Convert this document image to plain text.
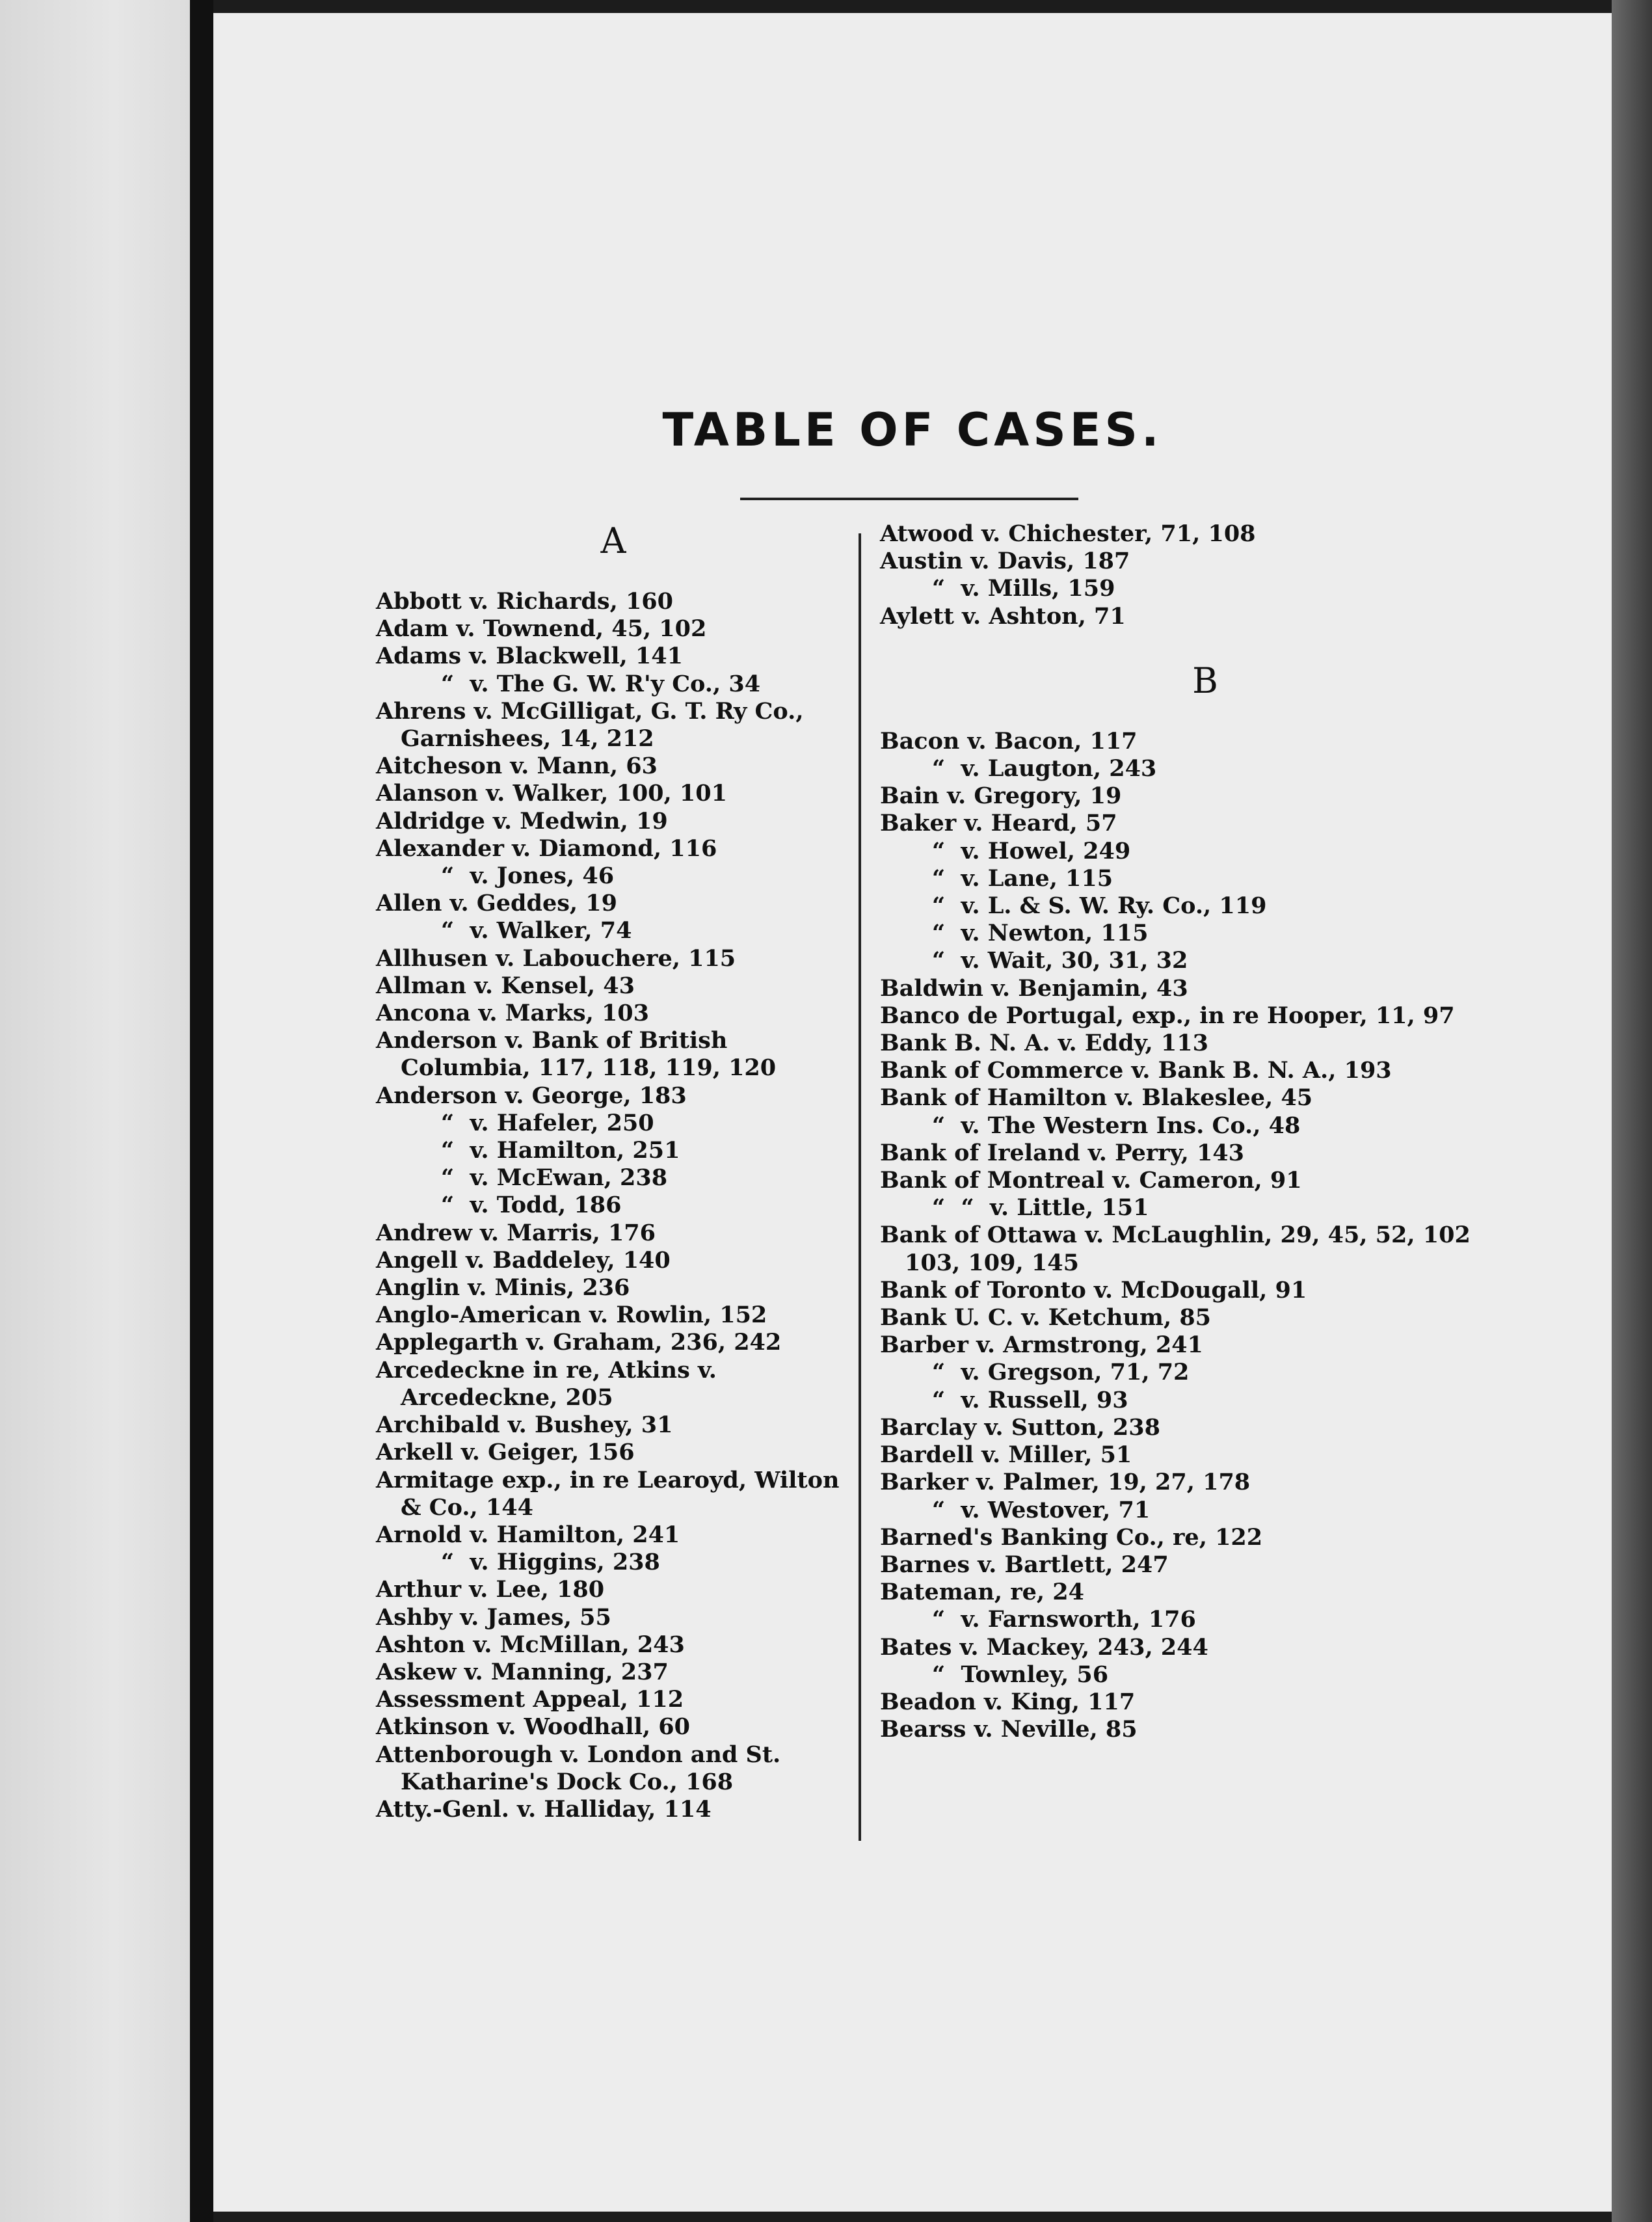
TABLE OF CASES.
A
Abbott v. Richards, 160
Adam v. Townend, 45, 102
Adams v. Blackwell, 141
“  v. The G. W. R'y Co., 34
Ahrens v. McGilligat, G. T. Ry Co., Garnishees, 14, 212
Aitcheson v. Mann, 63
Alanson v. Walker, 100, 101
Aldridge v. Medwin, 19
Alexander v. Diamond, 116
“  v. Jones, 46
Allen v. Geddes, 19
“  v. Walker, 74
Allhusen v. Labouchere, 115
Allman v. Kensel, 43
Ancona v. Marks, 103
Anderson v. Bank of British Columbia, 117, 118, 119, 120
Anderson v. George, 183
“  v. Hafeler, 250
“  v. Hamilton, 251
“  v. McEwan, 238
“  v. Todd, 186
Andrew v. Marris, 176
Angell v. Baddeley, 140
Anglin v. Minis, 236
Anglo-American v. Rowlin, 152
Applegarth v. Graham, 236, 242
Arcedeckne in re, Atkins v. Arcedeckne, 205
Archibald v. Bushey, 31
Arkell v. Geiger, 156
Armitage exp., in re Learoyd, Wilton & Co., 144
Arnold v. Hamilton, 241
“  v. Higgins, 238
Arthur v. Lee, 180
Ashby v. James, 55
Ashton v. McMillan, 243
Askew v. Manning, 237
Assessment Appeal, 112
Atkinson v. Woodhall, 60
Attenborough v. London and St. Katharine's Dock Co., 168
Atty.-Genl. v. Halliday, 114
Atwood v. Chichester, 71, 108
Austin v. Davis, 187
“  v. Mills, 159
Aylett v. Ashton, 71
B
Bacon v. Bacon, 117
“  v. Laugton, 243
Bain v. Gregory, 19
Baker v. Heard, 57
“  v. Howel, 249
“  v. Lane, 115
“  v. L. & S. W. Ry. Co., 119
“  v. Newton, 115
“  v. Wait, 30, 31, 32
Baldwin v. Benjamin, 43
Banco de Portugal, exp., in re Hooper, 11, 97
Bank B. N. A. v. Eddy, 113
Bank of Commerce v. Bank B. N. A., 193
Bank of Hamilton v. Blakeslee, 45
“  v. The Western Ins. Co., 48
Bank of Ireland v. Perry, 143
Bank of Montreal v. Cameron, 91
“  “  v. Little, 151
Bank of Ottawa v. McLaughlin, 29, 45, 52, 102 103, 109, 145
Bank of Toronto v. McDougall, 91
Bank U. C. v. Ketchum, 85
Barber v. Armstrong, 241
“  v. Gregson, 71, 72
“  v. Russell, 93
Barclay v. Sutton, 238
Bardell v. Miller, 51
Barker v. Palmer, 19, 27, 178
“  v. Westover, 71
Barned's Banking Co., re, 122
Barnes v. Bartlett, 247
Bateman, re, 24
“  v. Farnsworth, 176
Bates v. Mackey, 243, 244
“  Townley, 56
Beadon v. King, 117
Bearss v. Neville, 85
